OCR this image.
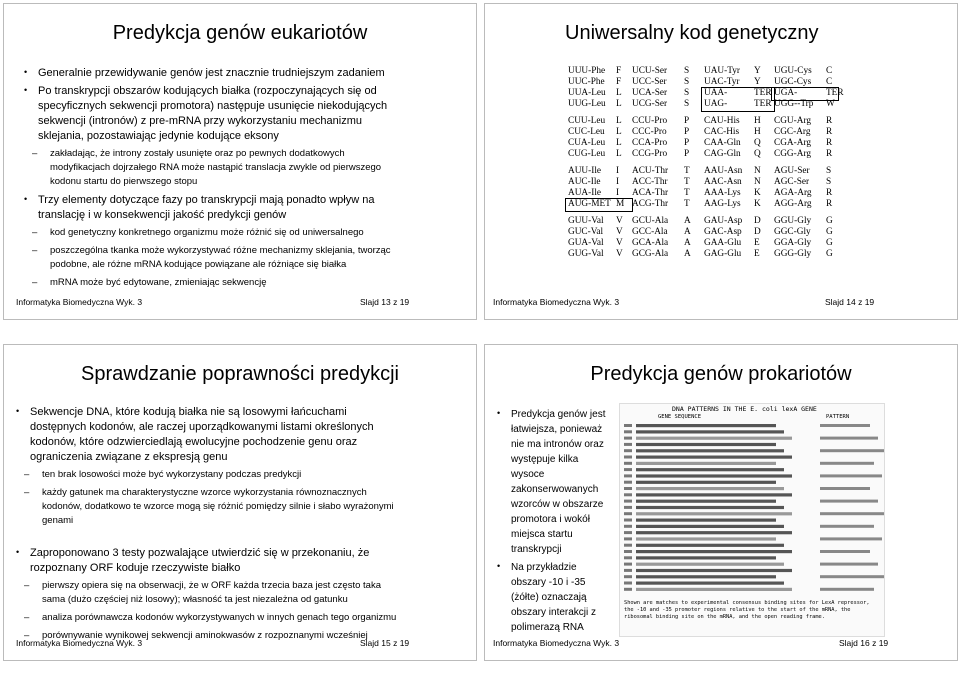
Predykcja genów eukariotów
• Generalnie przewidywanie genów jest znacznie trudniejszym zadaniem
• Po transkrypcji obszarów kodujących białka (rozpoczynających się od specyficznych sekwencji promotora) następuje usunięcie niekodujących sekwencji (intronów) z pre-mRNA przy wykorzystaniu mechanizmu sklejania, pozostawiając jedynie kodujące eksony
– zakładając, że introny zostały usunięte oraz po pewnych dodatkowych modyfikacjach dojrzałego RNA może nastąpić translacja zwykle od pierwszego kodonu startu do pierwszego stopu
• Trzy elementy dotyczące fazy po transkrypcji mają ponadto wpływ na translację i w konsekwencji jakość predykcji genów
– kod genetyczny konkretnego organizmu może różnić się od uniwersalnego
– poszczególna tkanka może wykorzystywać różne mechanizmy sklejania, tworząc podobne, ale różne mRNA kodujące powiązane ale różniące się białka
– mRNA może być edytowane, zmieniając sekwencję
Informatyka Biomedyczna Wyk. 3	Slajd 13 z 19
Uniwersalny kod genetyczny
UUU-Phe F UCU-Ser S UAU-Tyr Y UGU-Cys C
UUC-Phe F UCC-Ser S UAC-Tyr Y UGC-Cys C
UUA-Leu L UCA-Ser S UAA-	TER UGA-	TER
UUG-Leu L UCG-Ser S UAG-	TER UGG--Trp W
CUU-Leu L CCU-Pro P CAU-His H CGU-Arg R
CUC-Leu L CCC-Pro P CAC-His H CGC-Arg R
CUA-Leu L CCA-Pro P CAA-Gln Q CGA-Arg R
CUG-Leu L CCG-Pro P CAG-Gln Q CGG-Arg R
AUU-Ile I ACU-Thr T AAU-Asn N AGU-Ser S
AUC-Ile I ACC-Thr T AAC-Asn N AGC-Ser S
AUA-Ile I ACA-Thr T AAA-Lys K AGA-Arg R
AUG-MET M ACG-Thr T AAG-Lys K AGG-Arg R
GUU-Val V GCU-Ala A GAU-Asp D GGU-Gly G
GUC-Val V GCC-Ala A GAC-Asp D GGC-Gly G
GUA-Val V GCA-Ala A GAA-Glu E GGA-Gly G
GUG-Val V GCG-Ala A GAG-Glu E GGG-Gly G
Informatyka Biomedyczna Wyk. 3	Slajd 14 z 19
Sprawdzanie poprawności predykcji
• Sekwencje DNA, które kodują białka nie są losowymi łańcuchami dostępnych kodonów, ale raczej uporządkowanymi listami określonych kodonów, które odzwierciedlają ewolucyjne pochodzenie genu oraz ograniczenia związane z ekspresją genu
– ten brak losowości może być wykorzystany podczas predykcji
– każdy gatunek ma charakterystyczne wzorce wykorzystania równoznacznych kodonów, dodatkowo te wzorce mogą się różnić pomiędzy silnie i słabo wyrażonymi genami
• Zaproponowano 3 testy pozwalające utwierdzić się w przekonaniu, że rozpoznany ORF koduje rzeczywiste białko
– pierwszy opiera się na obserwacji, że w ORF każda trzecia baza jest często taka sama (dużo częściej niż losowy); własność ta jest niezależna od gatunku
– analiza porównawcza kodonów wykorzystywanych w innych genach tego organizmu
– porównywanie wynikowej sekwencji aminokwasów z rozpoznanymi wcześniej
Informatyka Biomedyczna Wyk. 3	Slajd 15 z 19
Predykcja genów prokariotów
• Predykcja genów jest łatwiejsza, ponieważ nie ma intronów oraz występuje kilka wysoce zakonserwowanych wzorców w obszarze promotora i wokół miejsca startu transkrypcji
• Na przykładzie obszary -10 i -35 (żółte) oznaczają obszary interakcji z polimerazą RNA
DNA PATTERNS IN THE E. coli lexA GENE
GENE SEQUENCE	PATTERN
Shown are matches to experimental consensus binding sites for LexA repressor, the -10 and -35 promoter regions relative to the start of the mRNA, the ribosomal binding site on the mRNA, and the open reading frame.
Informatyka Biomedyczna Wyk. 3	Slajd 16 z 19
